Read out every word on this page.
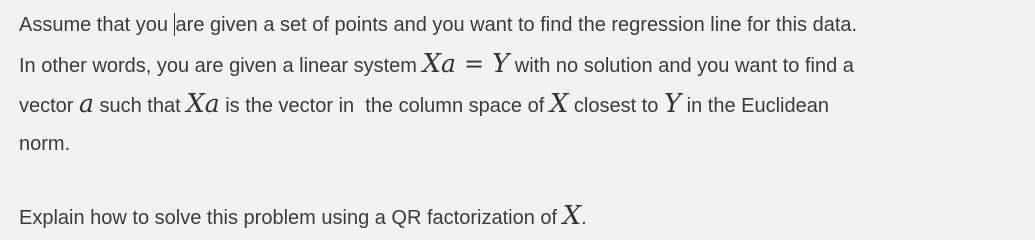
Assume that you are given a set of points and you want to find the regression line for this data.
In other words, you are given a linear system Xa = Y with no solution and you want to find a
vector a such that Xa is the vector in  the column space of X closest to Y in the Euclidean
norm.

Explain how to solve this problem using a QR factorization of X.
